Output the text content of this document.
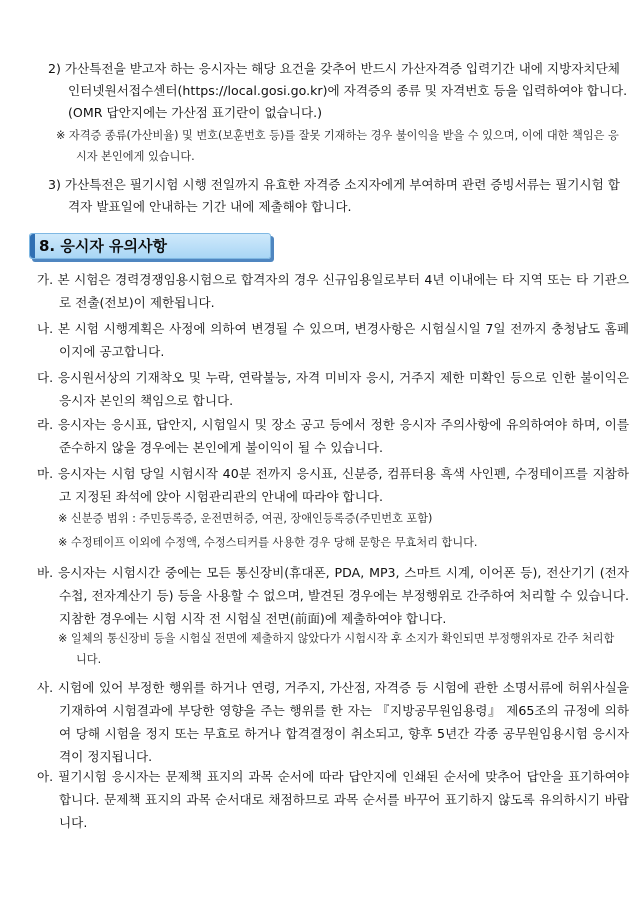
2) 가산특전을 받고자 하는 응시자는 해당 요건을 갖추어 반드시 가산자격증 입력기간 내에 지방자치단체 인터넷원서접수센터(https://local.gosi.go.kr)에 자격증의 종류 및 자격번호 등을 입력하여야 합니다. (OMR 답안지에는 가산점 표기란이 없습니다.)
※ 자격증 종류(가산비율) 및 번호(보훈번호 등)를 잘못 기재하는 경우 불이익을 받을 수 있으며, 이에 대한 책임은 응시자 본인에게 있습니다.
3) 가산특전은 필기시험 시행 전일까지 유효한 자격증 소지자에게 부여하며 관련 증빙서류는 필기시험 합격자 발표일에 안내하는 기간 내에 제출해야 합니다.
8. 응시자 유의사항
가. 본 시험은 경력경쟁임용시험으로 합격자의 경우 신규임용일로부터 4년 이내에는 타 지역 또는 타 기관으로 전출(전보)이 제한됩니다.
나. 본 시험 시행계획은 사정에 의하여 변경될 수 있으며, 변경사항은 시험실시일 7일 전까지 충청남도 홈페이지에 공고합니다.
다. 응시원서상의 기재착오 및 누락, 연락불능, 자격 미비자 응시, 거주지 제한 미확인 등으로 인한 불이익은 응시자 본인의 책임으로 합니다.
라. 응시자는 응시표, 답안지, 시험일시 및 장소 공고 등에서 정한 응시자 주의사항에 유의하여야 하며, 이를 준수하지 않을 경우에는 본인에게 불이익이 될 수 있습니다.
마. 응시자는 시험 당일 시험시작 40분 전까지 응시표, 신분증, 컴퓨터용 흑색 사인펜, 수정테이프를 지참하고 지정된 좌석에 앉아 시험관리관의 안내에 따라야 합니다.
※ 신분증 범위 : 주민등록증, 운전면허증, 여권, 장애인등록증(주민번호 포함)
※ 수정테이프 이외에 수정액, 수정스티커를 사용한 경우 당해 문항은 무효처리 합니다.
바. 응시자는 시험시간 중에는 모든 통신장비(휴대폰, PDA, MP3, 스마트 시계, 이어폰 등), 전산기기 (전자수첩, 전자계산기 등) 등을 사용할 수 없으며, 발견된 경우에는 부정행위로 간주하여 처리할 수 있습니다. 지참한 경우에는 시험 시작 전 시험실 전면(前面)에 제출하여야 합니다.
※ 일체의 통신장비 등을 시험실 전면에 제출하지 않았다가 시험시작 후 소지가 확인되면 부정행위자로 간주 처리합니다.
사. 시험에 있어 부정한 행위를 하거나 연령, 거주지, 가산점, 자격증 등 시험에 관한 소명서류에 허위사실을 기재하여 시험결과에 부당한 영향을 주는 행위를 한 자는 『지방공무원임용령』 제65조의 규정에 의하여 당해 시험을 정지 또는 무효로 하거나 합격결정이 취소되고, 향후 5년간 각종 공무원임용시험 응시자격이 정지됩니다.
아. 필기시험 응시자는 문제책 표지의 과목 순서에 따라 답안지에 인쇄된 순서에 맞추어 답안을 표기하여야 합니다. 문제책 표지의 과목 순서대로 채점하므로 과목 순서를 바꾸어 표기하지 않도록 유의하시기 바랍니다.
